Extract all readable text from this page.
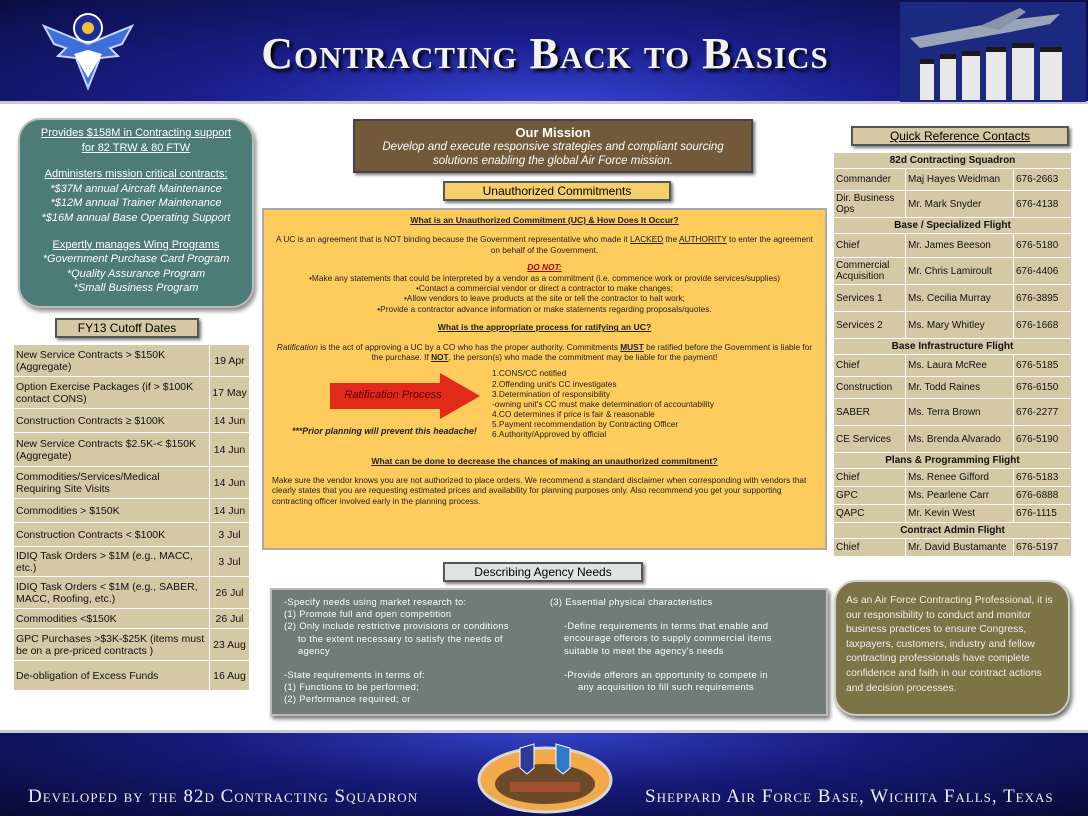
Contracting Back to Basics
Provides $158M in Contracting support
for 82 TRW & 80 FTW
Administers mission critical contracts:
*$37M annual Aircraft Maintenance
*$12M annual Trainer Maintenance
*$16M annual Base Operating Support
Expertly manages Wing Programs
*Government Purchase Card Program
*Quality Assurance Program
*Small Business Program
FY13 Cutoff Dates
New Service Contracts > $150K (Aggregate)	19 Apr
Option Exercise Packages (if > $100K contact CONS)	17 May
Construction Contracts ≥ $100K	14 Jun
New Service Contracts $2.5K-< $150K (Aggregate)	14 Jun
Commodities/Services/Medical Requiring Site Visits	14 Jun
Commodities > $150K	14 Jun
Construction Contracts < $100K	3 Jul
IDIQ Task Orders > $1M (e.g., MACC, etc.)	3 Jul
IDIQ Task Orders < $1M (e.g., SABER, MACC, Roofing, etc.)	26 Jul
Commodities <$150K	26 Jul
GPC Purchases >$3K-$25K (items must be on a pre-priced contracts )	23 Aug
De-obligation of Excess Funds	16 Aug
Our Mission
Develop and execute responsive strategies and compliant sourcing solutions enabling the global Air Force mission.
Unauthorized Commitments
What is an Unauthorized Commitment (UC) & How Does It Occur?
A UC is an agreement that is NOT binding because the Government representative who made it LACKED the AUTHORITY to enter the agreement on behalf of the Government.
DO NOT:
•Make any statements that could be interpreted by a vendor as a commitment (i.e. commence work or provide services/supplies)
•Contact a commercial vendor or direct a contractor to make changes;
•Allow vendors to leave products at the site or tell the contractor to halt work;
•Provide a contractor advance information or make statements regarding proposals/quotes.
What is the appropriate process for ratifying an UC?
Ratification is the act of approving a UC by a CO who has the proper authority. Commitments MUST be ratified before the Government is liable for the purchase. If NOT, the person(s) who made the commitment may be liable for the payment!
Ratification Process
1.CONS/CC notified
2.Offending unit's CC investigates
3.Determination of responsibility
-owning unit's CC must make determination of accountability
4.CO determines if price is fair & reasonable
5.Payment recommendation by Contracting Officer
6.Authority/Approved by official
***Prior planning will prevent this headache!
What can be done to decrease the chances of making an unauthorized commitment?
Make sure the vendor knows you are not authorized to place orders. We recommend a standard disclaimer when corresponding with vendors that clearly states that you are requesting estimated prices and availability for planning purposes only. Also recommend you get your supporting contracting officer involved early in the planning process.
Describing Agency Needs
-Specify needs using market research to:
(1) Promote full and open competition
(2) Only include restrictive provisions or conditions
to the extent necessary to satisfy the needs of
agency
-State requirements in terms of:
(1) Functions to be performed;
(2) Performance required; or
(3) Essential physical characteristics
-Define requirements in terms that enable and
encourage offerors to supply commercial items
suitable to meet the agency's needs
-Provide offerors an opportunity to compete in
any acquisition to fill such requirements
Quick Reference Contacts
82d Contracting Squadron		
Commander	Maj Hayes Weidman	676-2663
Dir. Business Ops	Mr. Mark Snyder	676-4138
Base / Specialized Flight		
Chief	Mr. James Beeson	676-5180
Commercial Acquisition	Mr. Chris Lamiroult	676-4406
Services 1	Ms. Cecilia Murray	676-3895
Services 2	Ms. Mary Whitley	676-1668
Base Infrastructure Flight		
Chief	Ms. Laura McRee	676-5185
Construction	Mr. Todd Raines	676-6150
SABER	Ms. Terra Brown	676-2277
CE Services	Ms. Brenda Alvarado	676-5190
Plans & Programming Flight		
Chief	Ms. Renee Gifford	676-5183
GPC	Ms. Pearlene Carr	676-6888
QAPC	Mr. Kevin West	676-1115
Contract Admin Flight		
Chief	Mr. David Bustamante	676-5197
As an Air Force Contracting Professional, it is our responsibility to conduct and monitor business practices to ensure Congress, taxpayers, customers, industry and fellow contracting professionals have complete confidence and faith in our contract actions and decision processes.
Developed by the 82d Contracting Squadron	Sheppard Air Force Base, Wichita Falls, Texas
